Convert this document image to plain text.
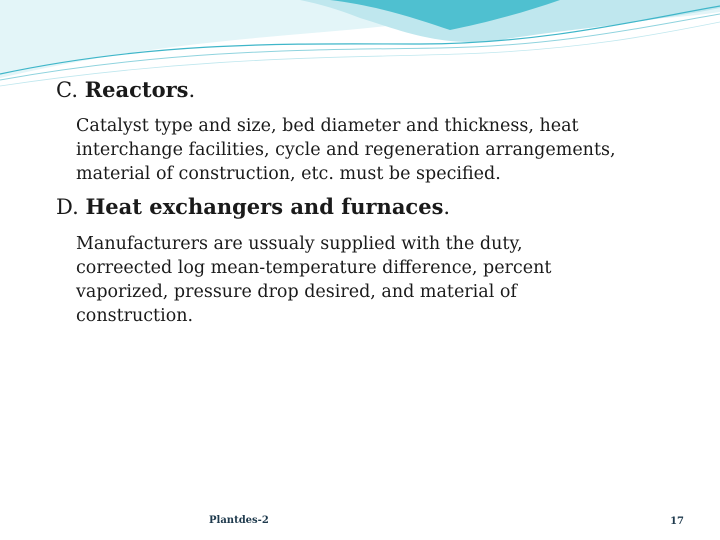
C. Reactors.

Catalyst type and size, bed diameter and thickness, heat
interchange facilities, cycle and regeneration arrangements,
material of construction, etc. must be specified.

D. Heat exchangers and furnaces.

Manufacturers are ussualy supplied with the duty,
correected log mean-temperature difference, percent
vaporized, pressure drop desired, and material of
construction.

Plantdes-2	17
